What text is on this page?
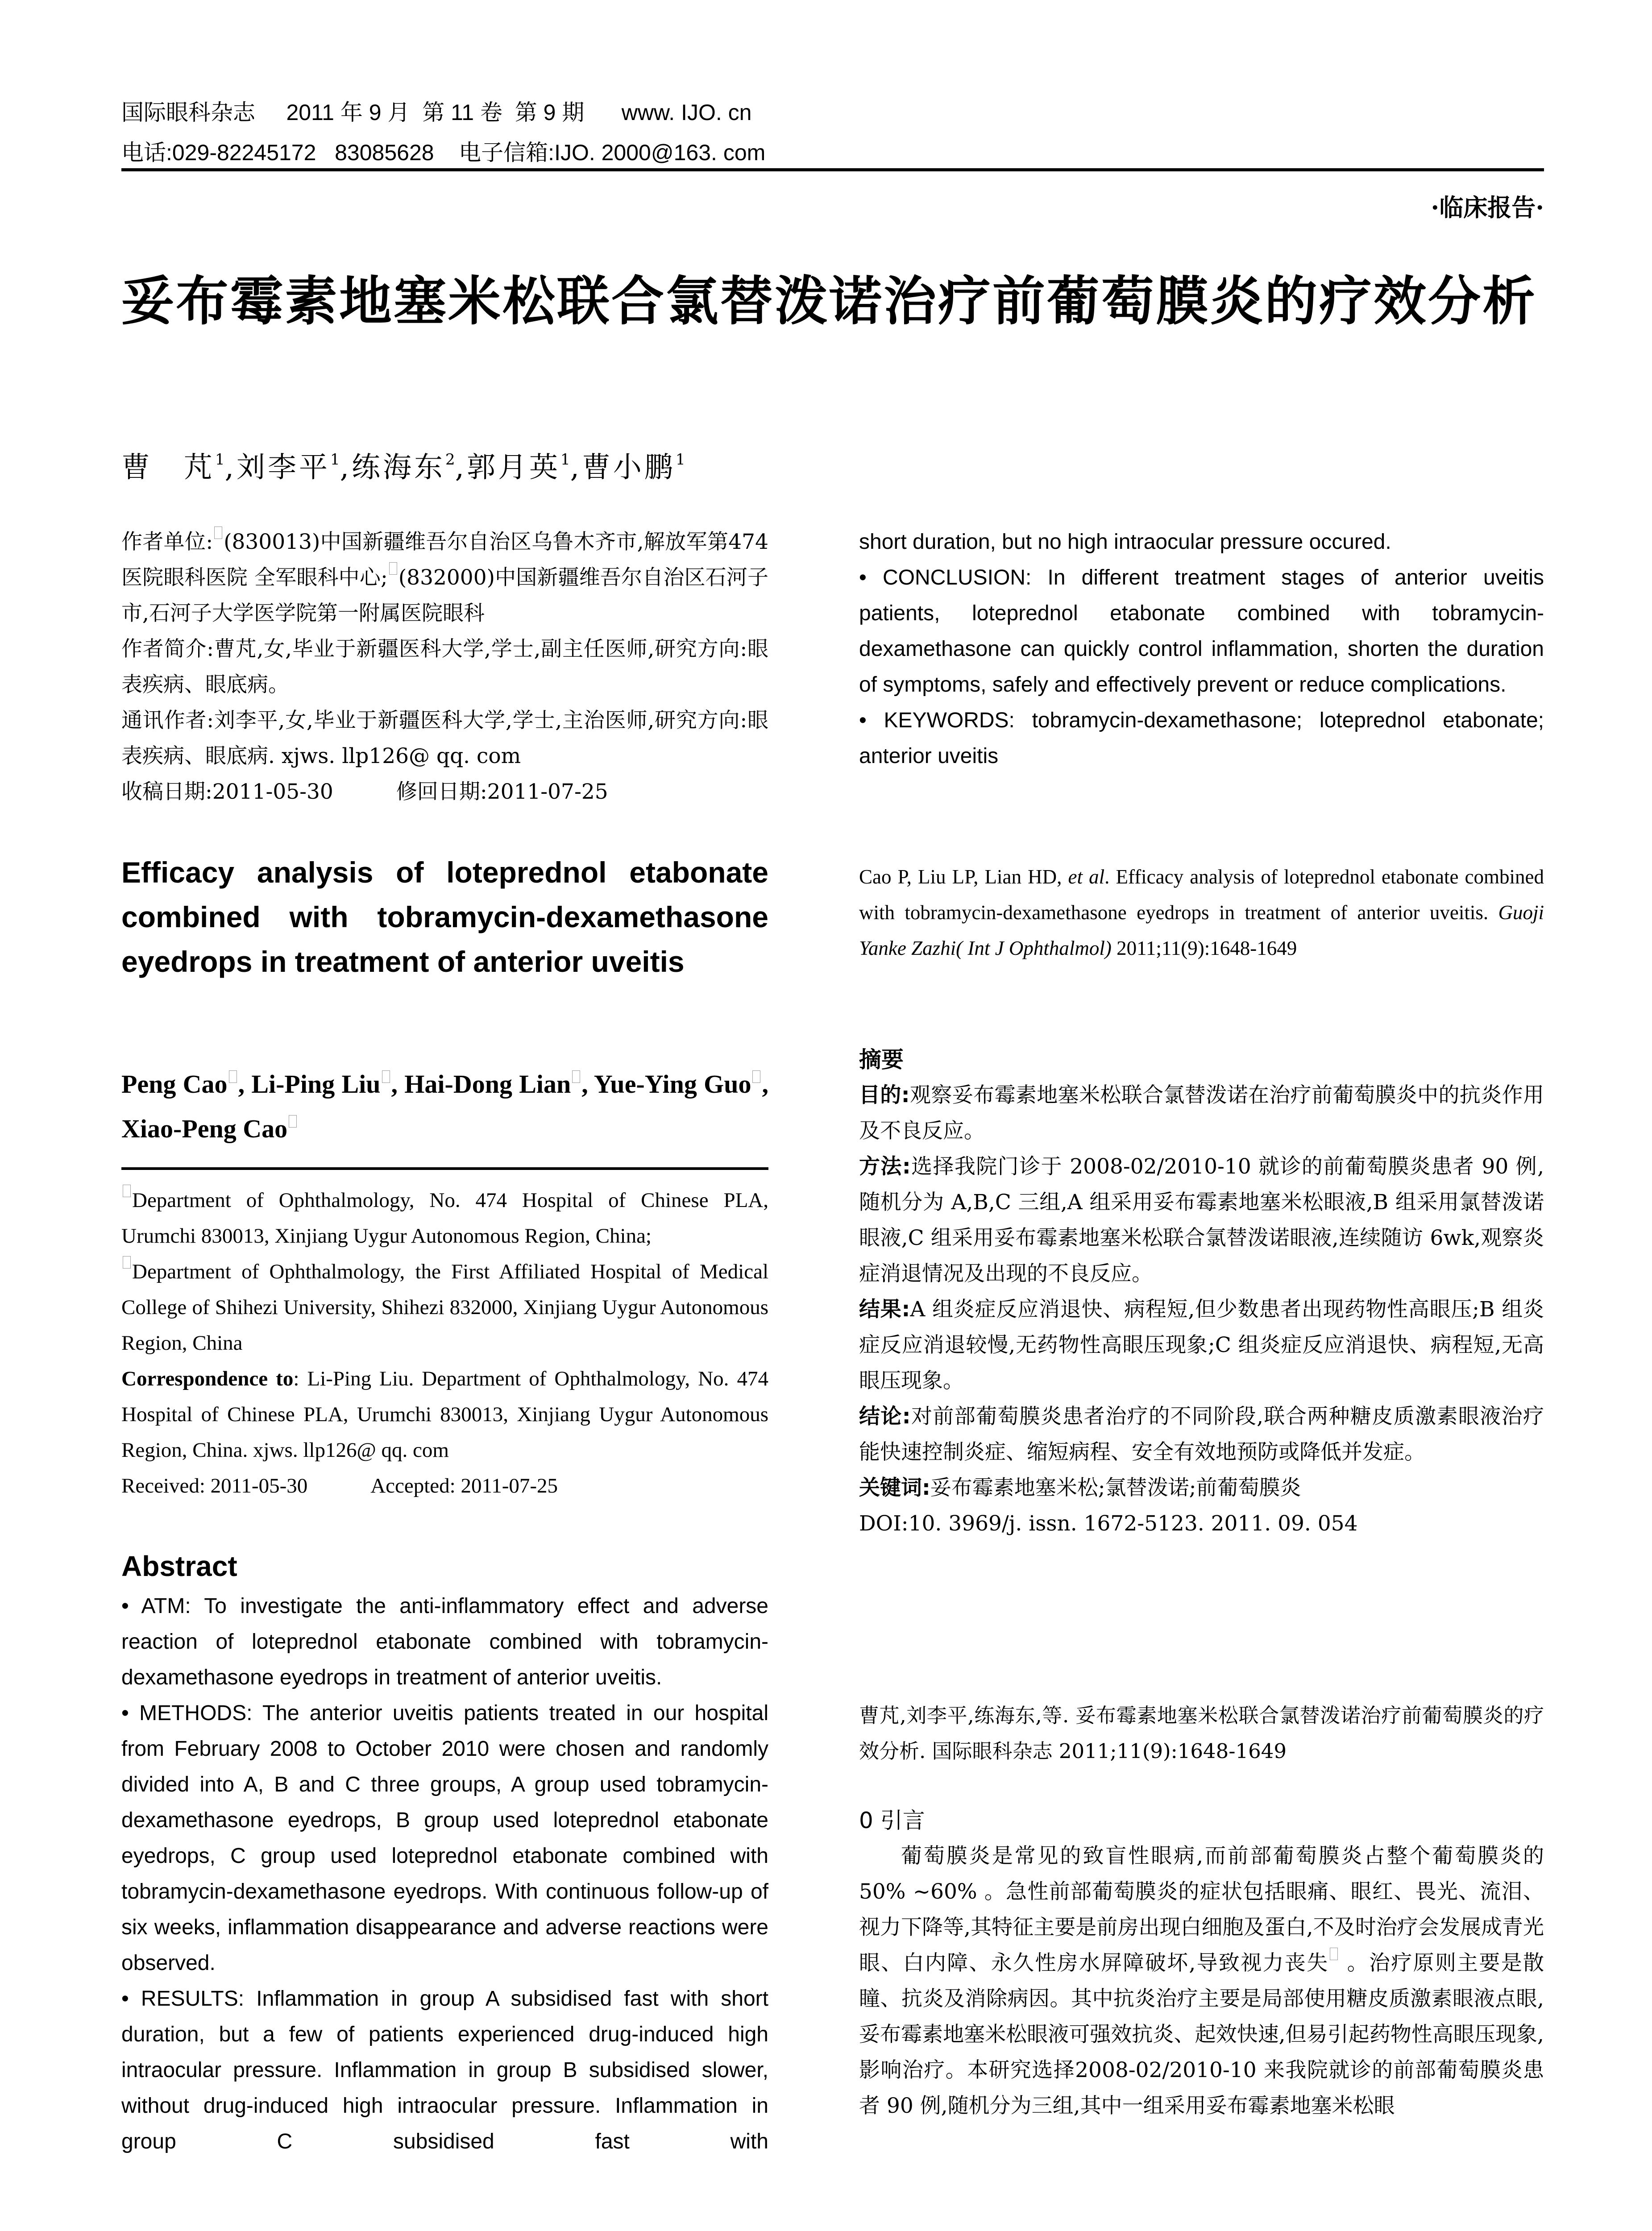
国际眼科杂志 2011 年 9 月 第 11 卷 第 9 期 www. IJO. cn
电话:029-82245172 83085628 电子信箱:IJO. 2000@163. com
·临床报告·
妥布霉素地塞米松联合氯替泼诺治疗前葡萄膜炎的疗效分析
曹　芃$^1$,刘李平$^1$,练海东$^2$,郭月英$^1$,曹小鹏$^1$

作者单位: (830013)中国新疆维吾尔自治区乌鲁木齐市,解放军第474 医院眼科医院 全军眼科中心; (832000)中国新疆维吾尔自治区石河子市,石河子大学医学院第一附属医院眼科

作者简介:曹芃,女,毕业于新疆医科大学,学士,副主任医师,研究方向:眼表疾病、眼底病。

通讯作者:刘李平,女,毕业于新疆医科大学,学士,主治医师,研究方向:眼表疾病、眼底病. xjws. llp126@ qq. com

收稿日期:2011-05-30　　　	修回日期:2011-07-25

Efficacy analysis of loteprednol etabonate combined with tobramycin-dexamethasone eyedrops in treatment of anterior uveitis
Peng Cao , Li-Ping Liu , Hai-Dong Lian , Yue-Ying Guo , Xiao-Peng Cao

Department of Ophthalmology, No. 474 Hospital of Chinese PLA, Urumchi 830013, Xinjiang Uygur Autonomous Region, China;

Department of Ophthalmology, the First Affiliated Hospital of Medical College of Shihezi University, Shihezi 832000, Xinjiang Uygur Autonomous Region, China

Correspondence to: Li-Ping Liu. Department of Ophthalmology, No. 474 Hospital of Chinese PLA, Urumchi 830013, Xinjiang Uygur Autonomous Region, China. xjws. llp126@ qq. com

Received: 2011-05-30　　　	Accepted: 2011-07-25

Abstract

• ATM: To investigate the anti-inflammatory effect and adverse reaction of loteprednol etabonate combined with tobramycin-dexamethasone eyedrops in treatment of anterior uveitis.

• METHODS: The anterior uveitis patients treated in our hospital from February 2008 to October 2010 were chosen and randomly divided into A, B and C three groups, A group used tobramycin-dexamethasone eyedrops, B group used loteprednol etabonate eyedrops, C group used loteprednol etabonate combined with tobramycin-dexamethasone eyedrops. With continuous follow-up of six weeks, inflammation disappearance and adverse reactions were observed.

• RESULTS: Inflammation in group A subsidised fast with short duration, but a few of patients experienced drug-induced high intraocular pressure. Inflammation in group B subsidised slower, without drug-induced high intraocular pressure. Inflammation in group C subsidised fast with

short duration, but no high intraocular pressure occured.

• CONCLUSION: In different treatment stages of anterior uveitis patients, loteprednol etabonate combined with tobramycin-dexamethasone can quickly control inflammation, shorten the duration of symptoms, safely and effectively prevent or reduce complications.

• KEYWORDS: tobramycin-dexamethasone; loteprednol etabonate; anterior uveitis

Cao P, Liu LP, Lian HD, et al. Efficacy analysis of loteprednol etabonate combined with tobramycin-dexamethasone eyedrops in treatment of anterior uveitis. Guoji Yanke Zazhi( Int J Ophthalmol) 2011;11(9):1648-1649
摘要

目的:观察妥布霉素地塞米松联合氯替泼诺在治疗前葡萄膜炎中的抗炎作用及不良反应。

方法:选择我院门诊于 2008-02/2010-10 就诊的前葡萄膜炎患者 90 例,随机分为 A,B,C 三组,A 组采用妥布霉素地塞米松眼液,B 组采用氯替泼诺眼液,C 组采用妥布霉素地塞米松联合氯替泼诺眼液,连续随访 6wk,观察炎症消退情况及出现的不良反应。

结果:A 组炎症反应消退快、病程短,但少数患者出现药物性高眼压;B 组炎症反应消退较慢,无药物性高眼压现象;C 组炎症反应消退快、病程短,无高眼压现象。

结论:对前部葡萄膜炎患者治疗的不同阶段,联合两种糖皮质激素眼液治疗能快速控制炎症、缩短病程、安全有效地预防或降低并发症。

关键词:妥布霉素地塞米松;氯替泼诺;前葡萄膜炎

DOI:10. 3969/j. issn. 1672-5123. 2011. 09. 054

曹芃,刘李平,练海东,等. 妥布霉素地塞米松联合氯替泼诺治疗前葡萄膜炎的疗效分析. 国际眼科杂志 2011;11(9):1648-1649
0 引言
葡萄膜炎是常见的致盲性眼病,而前部葡萄膜炎占整个葡萄膜炎的 50% ~60% 。急性前部葡萄膜炎的症状包括眼痛、眼红、畏光、流泪、视力下降等,其特征主要是前房出现白细胞及蛋白,不及时治疗会发展成青光眼、白内障、永久性房水屏障破坏,导致视力丧失 。治疗原则主要是散瞳、抗炎及消除病因。其中抗炎治疗主要是局部使用糖皮质激素眼液点眼,妥布霉素地塞米松眼液可强效抗炎、起效快速,但易引起药物性高眼压现象,影响治疗。本研究选择2008-02/2010-10 来我院就诊的前部葡萄膜炎患者 90 例,随机分为三组,其中一组采用妥布霉素地塞米松眼
